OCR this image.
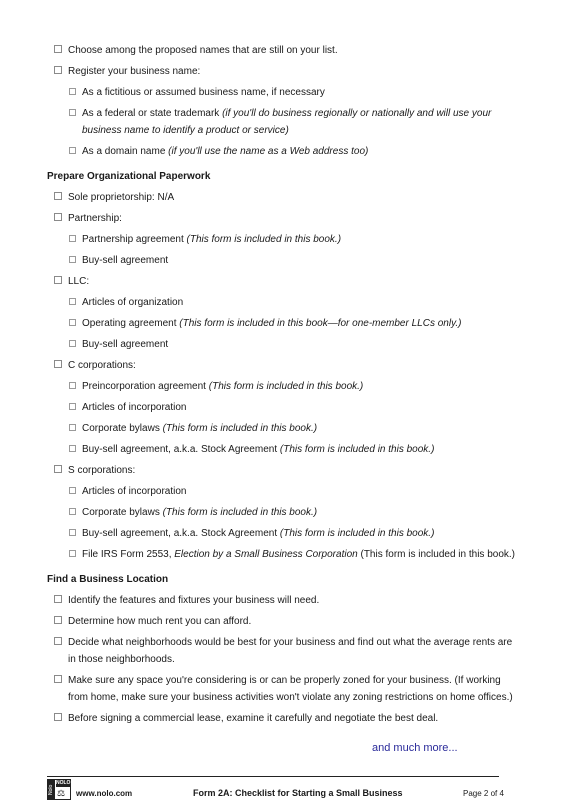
Choose among the proposed names that are still on your list.
Register your business name:
As a fictitious or assumed business name, if necessary
As a federal or state trademark (if you'll do business regionally or nationally and will use your
business name to identify a product or service)
As a domain name (if you'll use the name as a Web address too)
Prepare Organizational Paperwork
Sole proprietorship: N/A
Partnership:
Partnership agreement (This form is included in this book.)
Buy-sell agreement
LLC:
Articles of organization
Operating agreement (This form is included in this book—for one-member LLCs only.)
Buy-sell agreement
C corporations:
Preincorporation agreement (This form is included in this book.)
Articles of incorporation
Corporate bylaws (This form is included in this book.)
Buy-sell agreement, a.k.a. Stock Agreement (This form is included in this book.)
S corporations:
Articles of incorporation
Corporate bylaws (This form is included in this book.)
Buy-sell agreement, a.k.a. Stock Agreement (This form is included in this book.)
File IRS Form 2553, Election by a Small Business Corporation (This form is included in this book.)
Find a Business Location
Identify the features and fixtures your business will need.
Determine how much rent you can afford.
Decide what neighborhoods would be best for your business and find out what the average rents are
in those neighborhoods.
Make sure any space you're considering is or can be properly zoned for your business. (If working
from home, make sure your business activities won't violate any zoning restrictions on home offices.)
Before signing a commercial lease, examine it carefully and negotiate the best deal.
and much more...
Nolo
NOLO
⚖ www.nolo.com	Form 2A: Checklist for Starting a Small Business	Page 2 of 4
